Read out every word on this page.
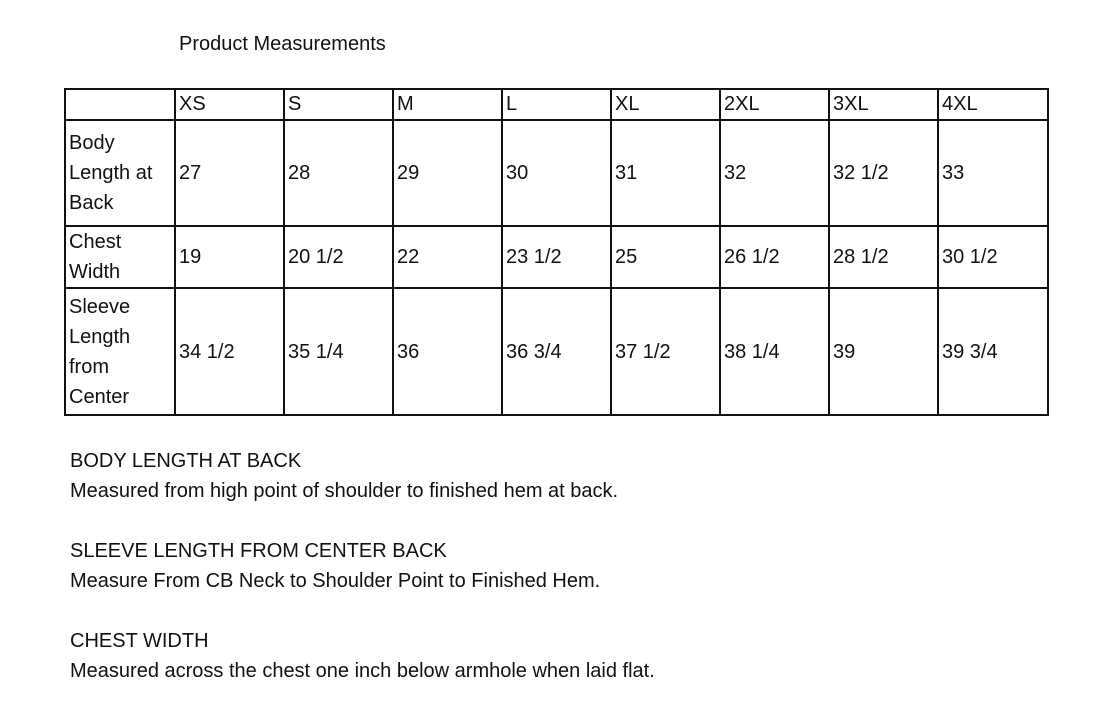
Product Measurements
	XS	S	M	L	XL	2XL	3XL	4XL
Body Length at Back	27	28	29	30	31	32	32 1/2	33
Chest Width	19	20 1/2	22	23 1/2	25	26 1/2	28 1/2	30 1/2
Sleeve Length from Center	34 1/2	35 1/4	36	36 3/4	37 1/2	38 1/4	39	39 3/4
BODY LENGTH AT BACK
Measured from high point of shoulder to finished hem at back.
SLEEVE LENGTH FROM CENTER BACK
Measure From CB Neck to Shoulder Point to Finished Hem.
CHEST WIDTH
Measured across the chest one inch below armhole when laid flat.
